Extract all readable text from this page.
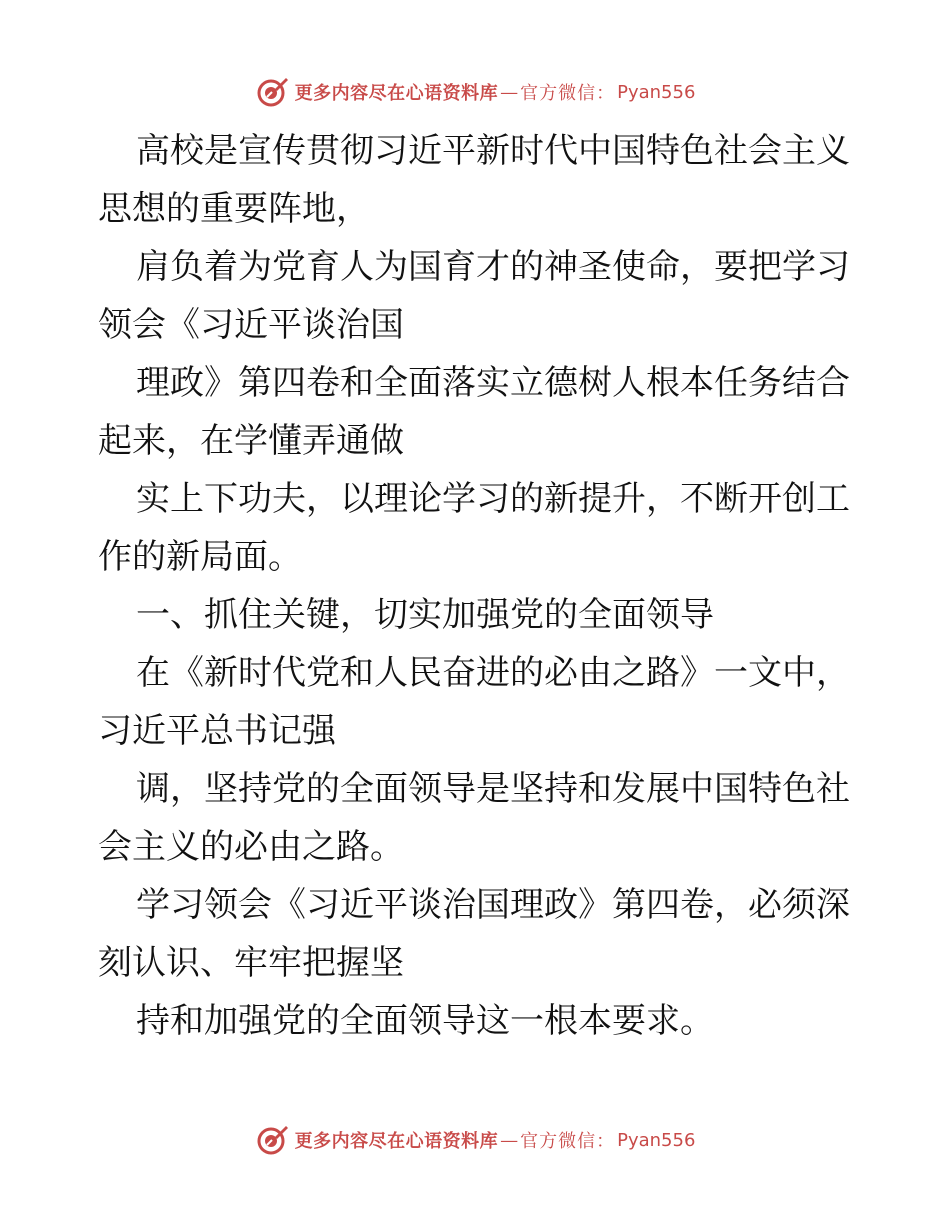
更多内容尽在心语资料库 — 官方微信： Pyan556
高校是宣传贯彻习近平新时代中国特色社会主义
思想的重要阵地，
肩负着为党育人为国育才的神圣使命，要把学习
领会《习近平谈治国
理政》第四卷和全面落实立德树人根本任务结合
起来，在学懂弄通做
实上下功夫，以理论学习的新提升，不断开创工
作的新局面。
一、抓住关键，切实加强党的全面领导
在《新时代党和人民奋进的必由之路》一文中，
习近平总书记强
调，坚持党的全面领导是坚持和发展中国特色社
会主义的必由之路。
学习领会《习近平谈治国理政》第四卷，必须深
刻认识、牢牢把握坚
持和加强党的全面领导这一根本要求。
更多内容尽在心语资料库 — 官方微信： Pyan556
